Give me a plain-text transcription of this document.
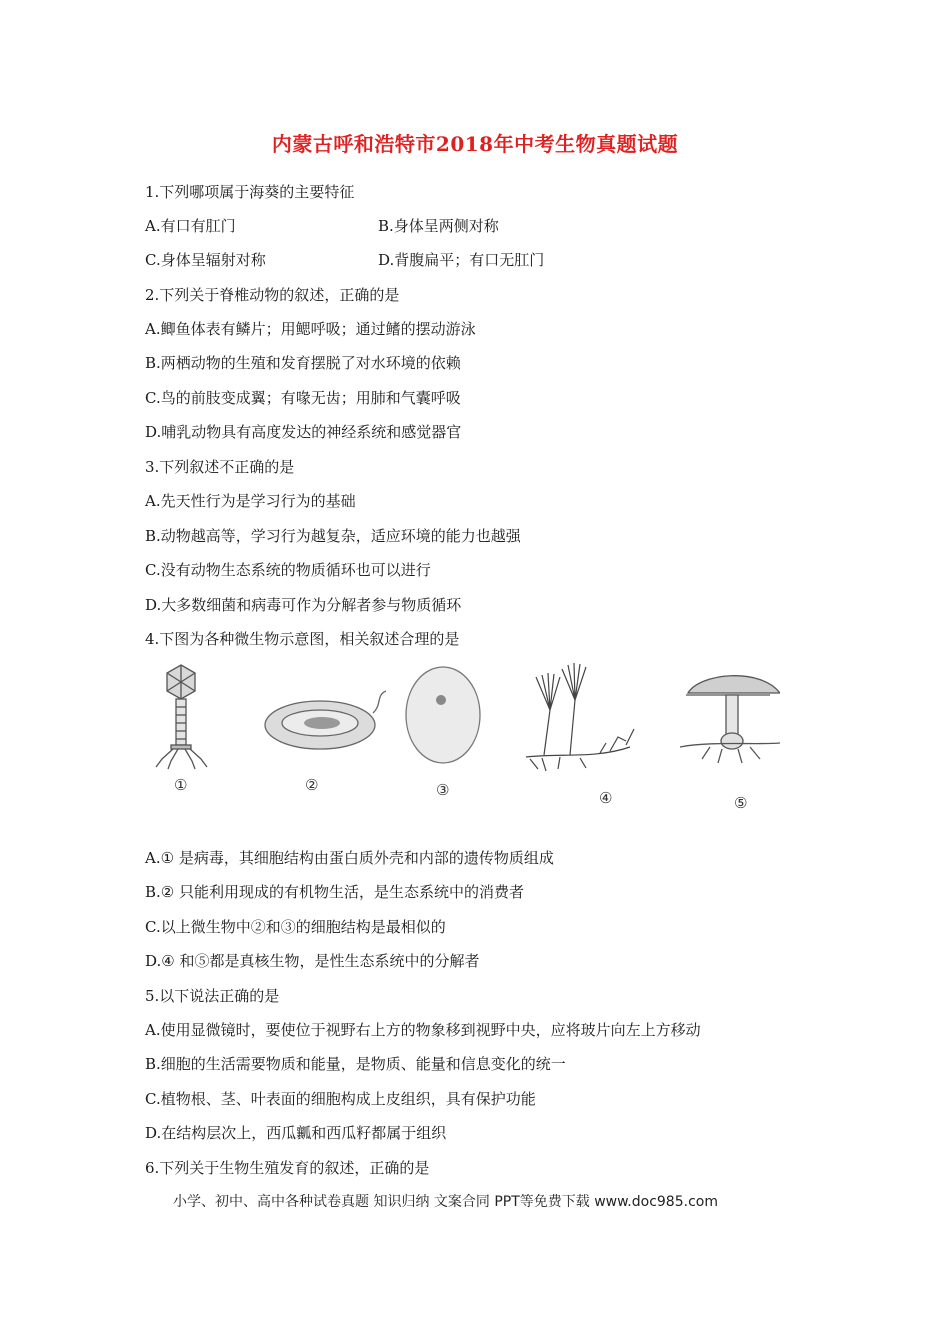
内蒙古呼和浩特市2018年中考生物真题试题
1.下列哪项属于海葵的主要特征
A.有口有肛门	B.身体呈两侧对称
C.身体呈辐射对称	D.背腹扁平；有口无肛门
2.下列关于脊椎动物的叙述，正确的是
A.鲫鱼体表有鳞片；用鳃呼吸；通过鳍的摆动游泳
B.两栖动物的生殖和发育摆脱了对水环境的依赖
C.鸟的前肢变成翼；有喙无齿；用肺和气囊呼吸
D.哺乳动物具有高度发达的神经系统和感觉器官
3.下列叙述不正确的是
A.先天性行为是学习行为的基础
B.动物越高等，学习行为越复杂，适应环境的能力也越强
C.没有动物生态系统的物质循环也可以进行
D.大多数细菌和病毒可作为分解者参与物质循环
4.下图为各种微生物示意图，相关叙述合理的是
①	②	③	④	⑤
A.① 是病毒，其细胞结构由蛋白质外壳和内部的遗传物质组成
B.② 只能利用现成的有机物生活，是生态系统中的消费者
C.以上微生物中②和③的细胞结构是最相似的
D.④ 和⑤都是真核生物，是性生态系统中的分解者
5.以下说法正确的是
A.使用显微镜时，要使位于视野右上方的物象移到视野中央，应将玻片向左上方移动
B.细胞的生活需要物质和能量，是物质、能量和信息变化的统一
C.植物根、茎、叶表面的细胞构成上皮组织，具有保护功能
D.在结构层次上，西瓜瓤和西瓜籽都属于组织
6.下列关于生物生殖发育的叙述，正确的是
小学、初中、高中各种试卷真题 知识归纳 文案合同 PPT等免费下载 www.doc985.com
